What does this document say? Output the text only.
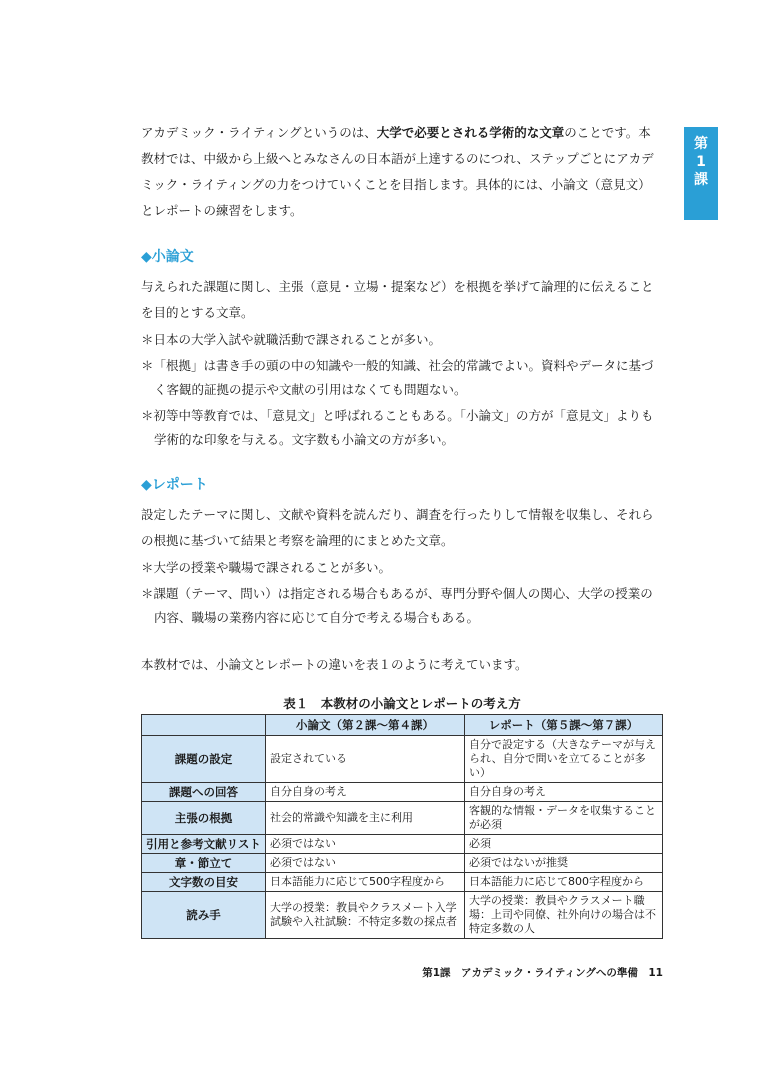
第
1
課

アカデミック・ライティングというのは、大学で必要とされる学術的な文章のことです。本教材では、中級から上級へとみなさんの日本語が上達するのにつれ、ステップごとにアカデミック・ライティングの力をつけていくことを目指します。具体的には、小論文（意見文）とレポートの練習をします。

◆小論文

与えられた課題に関し、主張（意見・立場・提案など）を根拠を挙げて論理的に伝えることを目的とする文章。

＊日本の大学入試や就職活動で課されることが多い。
＊「根拠」は書き手の頭の中の知識や一般的知識、社会的常識でよい。資料やデータに基づく客観的証拠の提示や文献の引用はなくても問題ない。
＊初等中等教育では、「意見文」と呼ばれることもある。「小論文」の方が「意見文」よりも学術的な印象を与える。文字数も小論文の方が多い。
◆レポート

設定したテーマに関し、文献や資料を読んだり、調査を行ったりして情報を収集し、それらの根拠に基づいて結果と考察を論理的にまとめた文章。

＊大学の授業や職場で課されることが多い。
＊課題（テーマ、問い）は指定される場合もあるが、専門分野や個人の関心、大学の授業の内容、職場の業務内容に応じて自分で考える場合もある。

本教材では、小論文とレポートの違いを表１のように考えています。

表１　本教材の小論文とレポートの考え方
	小論文（第２課〜第４課）	レポート（第５課〜第７課）
課題の設定	設定されている	自分で設定する（大きなテーマが与えられ、自分で問いを立てることが多い）
課題への回答	自分自身の考え	自分自身の考え
主張の根拠	社会的常識や知識を主に利用	客観的な情報・データを収集することが必須
引用と参考文献リスト	必須ではない	必須
章・節立て	必須ではない	必須ではないが推奨
文字数の目安	日本語能力に応じて500字程度から	日本語能力に応じて800字程度から
読み手	大学の授業：教員やクラスメート入学試験や入社試験：不特定多数の採点者	大学の授業：教員やクラスメート職場：上司や同僚、社外向けの場合は不特定多数の人
第1課　アカデミック・ライティングへの準備　11
